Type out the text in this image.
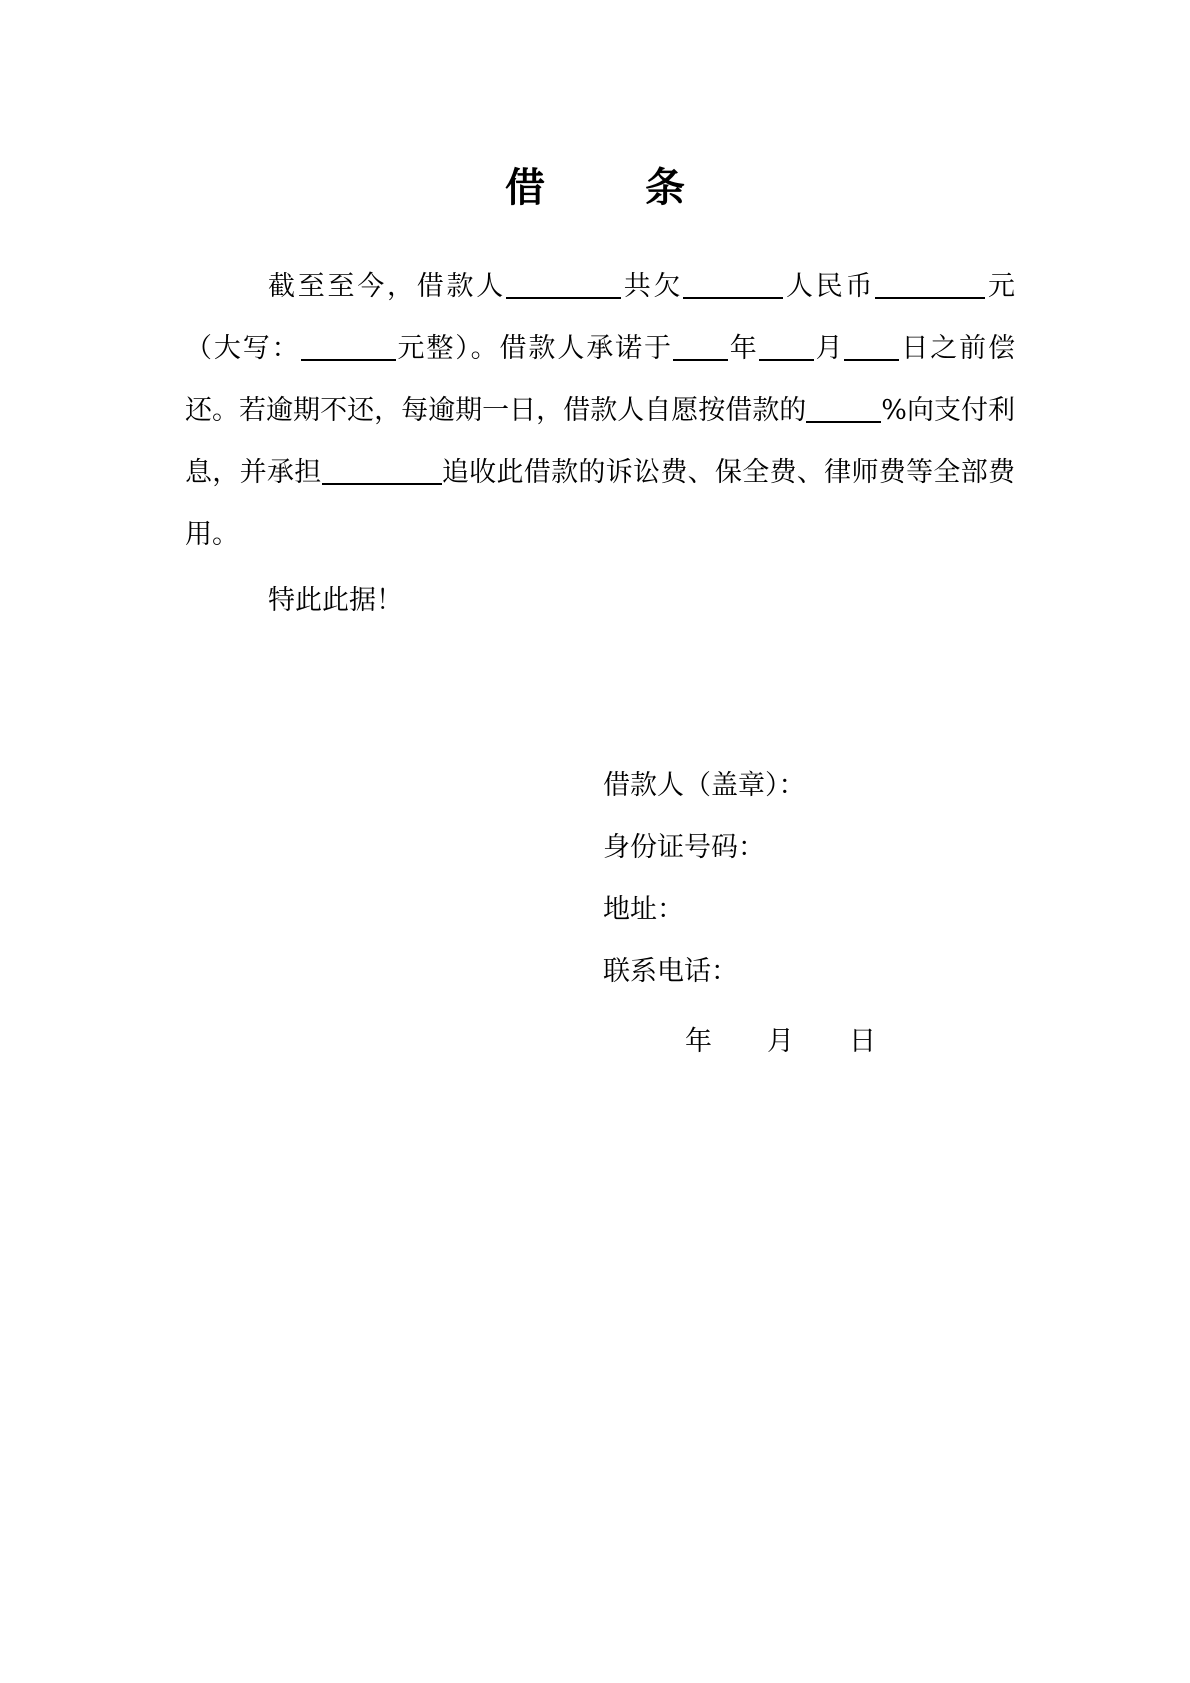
借　条

截至至今，借款人	共欠	人民币	元（大写：	元整）。借款人承诺于 年 月 日之前偿还。若逾期不还，每逾期一日，借款人自愿按借款的	%向支付利息，并承担	追收此借款的诉讼费、保全费、律师费等全部费用。

特此此据！
借款人（盖章）：
身份证号码：
地址：
联系电话：
年 月 日
